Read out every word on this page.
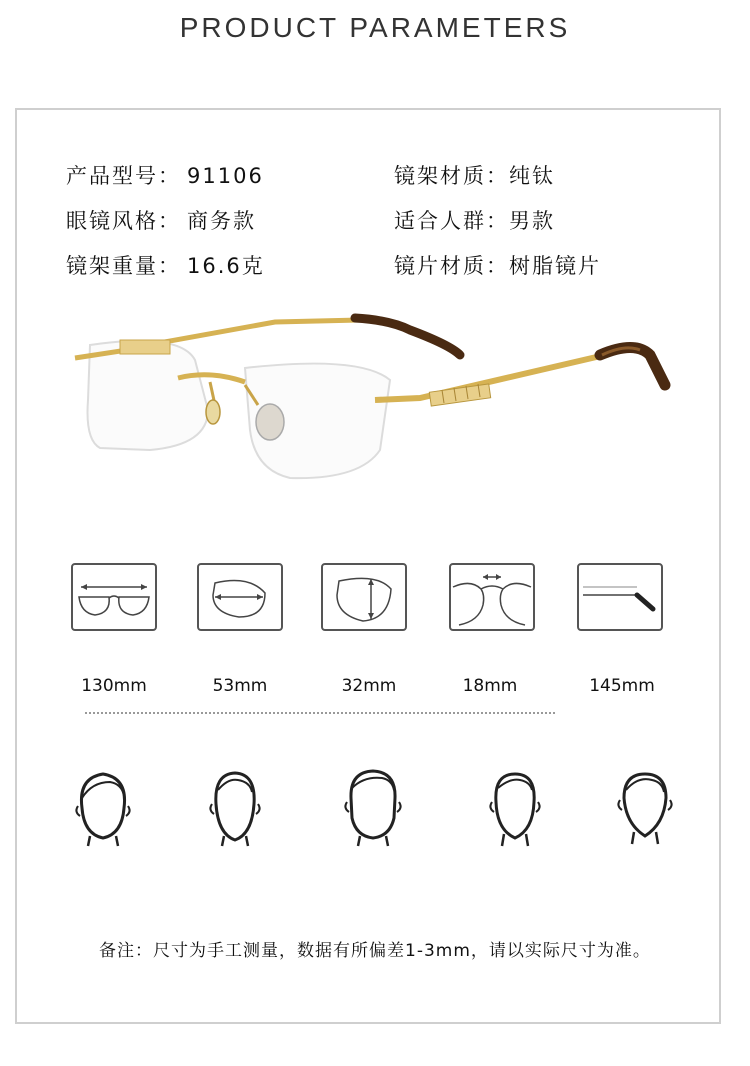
PRODUCT PARAMETERS
产品型号： 91106
眼镜风格： 商务款
镜架重量： 16.6克
镜架材质：纯钛
适合人群：男款
镜片材质：树脂镜片
130mm	53mm	32mm	18mm	145mm
备注：尺寸为手工测量，数据有所偏差1-3mm，请以实际尺寸为准。
